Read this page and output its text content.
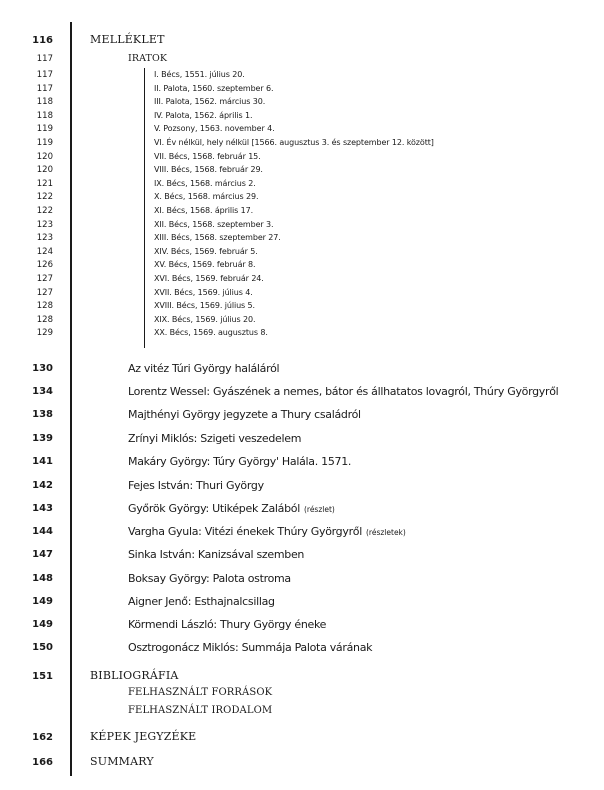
116	MELLÉKLET
117	IRATOK
117	I. Bécs, 1551. július 20.
117	II. Palota, 1560. szeptember 6.
118	III. Palota, 1562. március 30.
118	IV. Palota, 1562. április 1.
119	V. Pozsony, 1563. november 4.
119	VI. Év nélkül, hely nélkül [1566. augusztus 3. és szeptember 12. között]
120	VII. Bécs, 1568. február 15.
120	VIII. Bécs, 1568. február 29.
121	IX. Bécs, 1568. március 2.
122	X. Bécs, 1568. március 29.
122	XI. Bécs, 1568. április 17.
123	XII. Bécs, 1568. szeptember 3.
123	XIII. Bécs, 1568. szeptember 27.
124	XIV. Bécs, 1569. február 5.
126	XV. Bécs, 1569. február 8.
127	XVI. Bécs, 1569. február 24.
127	XVII. Bécs, 1569. július 4.
128	XVIII. Bécs, 1569. július 5.
128	XIX. Bécs, 1569. július 20.
129	XX. Bécs, 1569. augusztus 8.
130	Az vitéz Túri György haláláról
134	Lorentz Wessel: Gyászének a nemes, bátor és állhatatos lovagról, Thúry Györgyről
138	Majthényi György jegyzete a Thury családról
139	Zrínyi Miklós: Szigeti veszedelem
141	Makáry György: Túry György' Halála. 1571.
142	Fejes István: Thuri György
143	Győrök György: Utiképek Zalából (részlet)
144	Vargha Gyula: Vitézi énekek Thúry Györgyről (részletek)
147	Sinka István: Kanizsával szemben
148	Boksay György: Palota ostroma
149	Aigner Jenő: Esthajnalcsillag
149	Körmendi László: Thury György éneke
150	Osztrogonácz Miklós: Summája Palota várának
151	BIBLIOGRÁFIA
FELHASZNÁLT FORRÁSOK
FELHASZNÁLT IRODALOM
162	KÉPEK JEGYZÉKE
166	SUMMARY
